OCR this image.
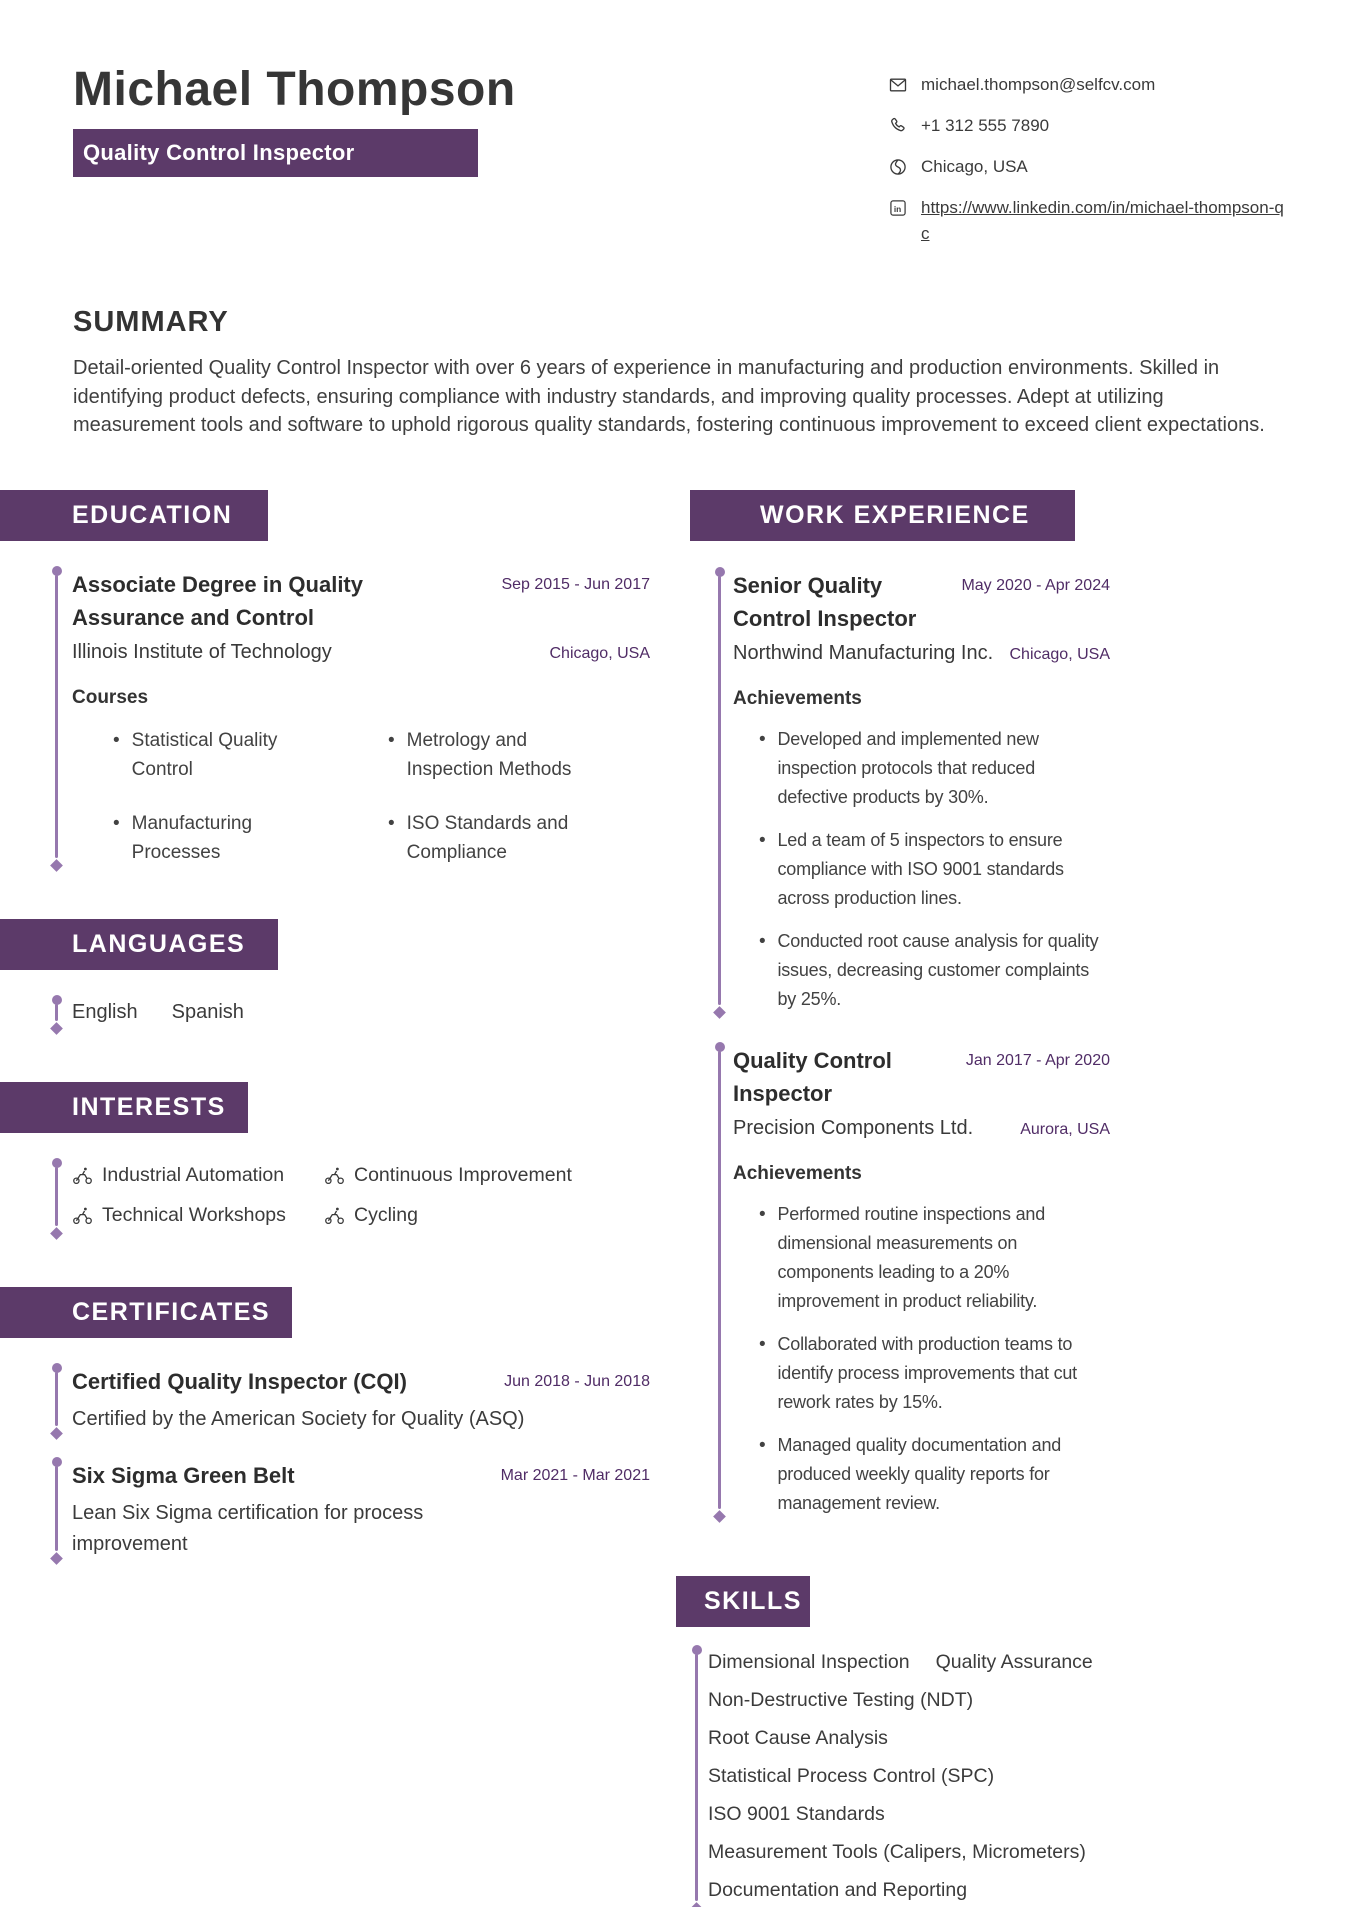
Michael Thompson
Quality Control Inspector
michael.thompson@selfcv.com
+1 312 555 7890
Chicago, USA
in https://www.linkedin.com/in/michael-thompson-qc
SUMMARY

Detail-oriented Quality Control Inspector with over 6 years of experience in manufacturing and production environments. Skilled in identifying product defects, ensuring compliance with industry standards, and improving quality processes. Adept at utilizing measurement tools and software to uphold rigorous quality standards, fostering continuous improvement to exceed client expectations.

EDUCATION
Associate Degree in Quality Assurance and Control
Sep 2015 - Jun 2017
Illinois Institute of Technology	Chicago, USA
Courses
• Statistical Quality Control
• Metrology and Inspection Methods
• Manufacturing Processes
• ISO Standards and Compliance
LANGUAGES
English Spanish
INTERESTS
Industrial Automation	Continuous Improvement
Technical Workshops	Cycling
CERTIFICATES
Certified Quality Inspector (CQI)	Jun 2018 - Jun 2018
Certified by the American Society for Quality (ASQ)
Six Sigma Green Belt	Mar 2021 - Mar 2021
Lean Six Sigma certification for process improvement
WORK EXPERIENCE
Senior Quality Control Inspector
May 2020 - Apr 2024
Northwind Manufacturing Inc. Chicago, USA
Achievements
• Developed and implemented new inspection protocols that reduced defective products by 30%.
• Led a team of 5 inspectors to ensure compliance with ISO 9001 standards across production lines.
• Conducted root cause analysis for quality issues, decreasing customer complaints by 25%.
Quality Control Inspector
Jan 2017 - Apr 2020
Precision Components Ltd.	Aurora, USA
Achievements
• Performed routine inspections and dimensional measurements on components leading to a 20% improvement in product reliability.
• Collaborated with production teams to identify process improvements that cut rework rates by 15%.
• Managed quality documentation and produced weekly quality reports for management review.
SKILLS
Dimensional Inspection Quality Assurance
Non-Destructive Testing (NDT)
Root Cause Analysis
Statistical Process Control (SPC)
ISO 9001 Standards
Measurement Tools (Calipers, Micrometers)
Documentation and Reporting
